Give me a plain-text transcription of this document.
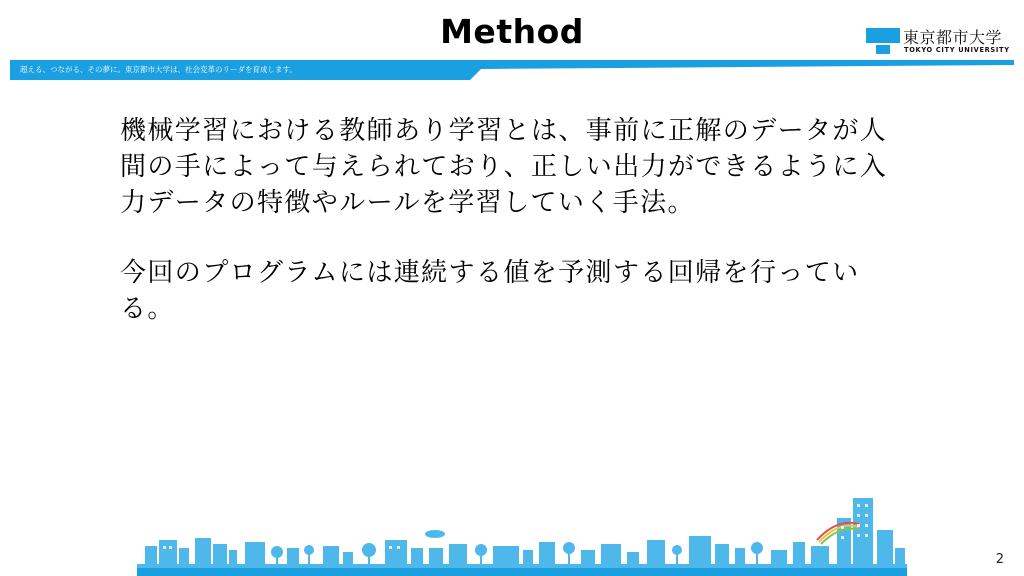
Method	東京都市大学
TOKYO CITY UNIVERSITY
超える、つながる、その夢に。東京都市大学は、社会変革のリーダを育成します。

機械学習における教師あり学習とは、事前に正解のデータが人間の手によって与えられており、正しい出力ができるように入力データの特徴やルールを学習していく手法。

今回のプログラムには連続する値を予測する回帰を行っている。

2
